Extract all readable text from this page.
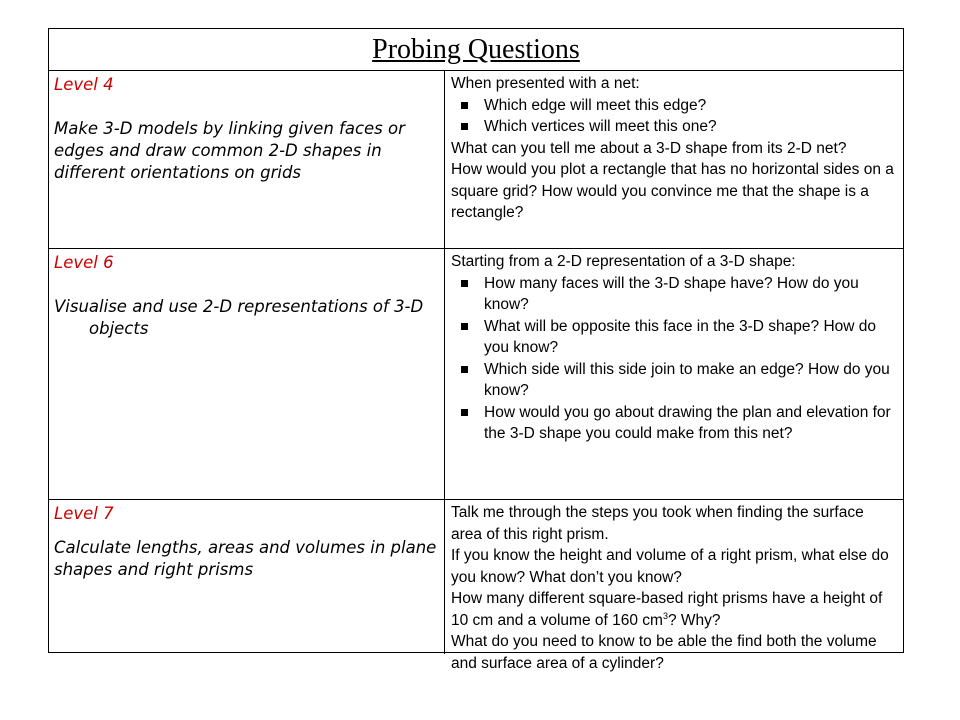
Probing Questions
Level 4
Make 3-D models by linking given faces or edges and draw common 2-D shapes in different orientations on grids
When presented with a net:
Which edge will meet this edge?
Which vertices will meet this one?
What can you tell me about a 3-D shape from its 2-D net?
How would you plot a rectangle that has no horizontal sides on a square grid? How would you convince me that the shape is a rectangle?
Level 6
Visualise and use 2-D representations of 3-D objects
Starting from a 2-D representation of a 3-D shape:
How many faces will the 3-D shape have? How do you know?
What will be opposite this face in the 3-D shape? How do you know?
Which side will this side join to make an edge? How do you know?
How would you go about drawing the plan and elevation for the 3-D shape you could make from this net?
Level 7
Calculate lengths, areas and volumes in plane shapes and right prisms
Talk me through the steps you took when finding the surface area of this right prism.
If you know the height and volume of a right prism, what else do you know? What don’t you know?
How many different square-based right prisms have a height of 10 cm and a volume of 160 $cm^3$? Why?
What do you need to know to be able the find both the volume and surface area of a cylinder?
